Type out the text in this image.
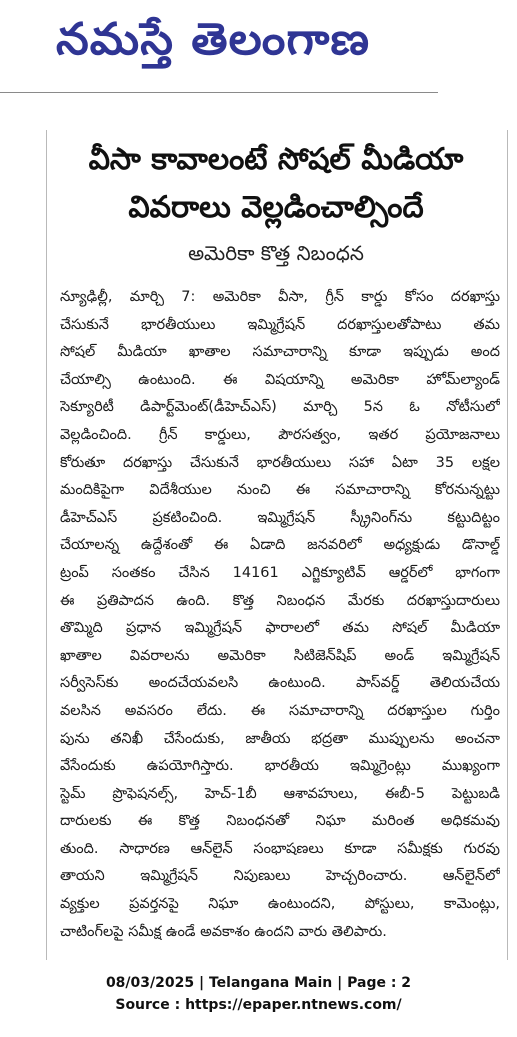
నమస్తే తెలంగాణ
వీసా కావాలంటే సోషల్ మీడియా
వివరాలు వెల్లడించాల్సిందే
అమెరికా కొత్త నిబంధన
న్యూఢిల్లీ, మార్చి 7: అమెరికా వీసా, గ్రీన్ కార్డు కోసం దరఖాస్తు
చేసుకునే భారతీయులు ఇమ్మిగ్రేషన్ దరఖాస్తులతోపాటు తమ
సోషల్ మీడియా ఖాతాల సమాచారాన్ని కూడా ఇప్పుడు అంద
చేయాల్సి ఉంటుంది. ఈ విషయాన్ని అమెరికా హోమ్‌ల్యాండ్
సెక్యూరిటీ డిపార్ట్‌మెంట్(డీహెచ్‌ఎస్) మార్చి 5న ఓ నోటీసులో
వెల్లడించింది. గ్రీన్ కార్డులు, పౌరసత్వం, ఇతర ప్రయోజనాలు
కోరుతూ దరఖాస్తు చేసుకునే భారతీయులు సహా ఏటా 35 లక్షల
మందికిపైగా విదేశీయుల నుంచి ఈ సమాచారాన్ని కోరనున్నట్టు
డీహెచ్‌ఎస్ ప్రకటించింది. ఇమ్మిగ్రేషన్ స్క్రీనింగ్‌ను కట్టుదిట్టం
చేయాలన్న ఉద్దేశంతో ఈ ఏడాది జనవరిలో అధ్యక్షుడు డొనాల్డ్
ట్రంప్ సంతకం చేసిన 14161 ఎగ్జిక్యూటివ్ ఆర్డర్‌లో భాగంగా
ఈ ప్రతిపాదన ఉంది. కొత్త నిబంధన మేరకు దరఖాస్తుదారులు
తొమ్మిది ప్రధాన ఇమ్మిగ్రేషన్ ఫారాలలో తమ సోషల్ మీడియా
ఖాతాల వివరాలను అమెరికా సిటిజెన్‌షిప్ అండ్ ఇమ్మిగ్రేషన్
సర్వీసెస్‌కు అందచేయవలసి ఉంటుంది. పాస్‌వర్డ్ తెలియచేయ
వలసిన అవసరం లేదు. ఈ సమాచారాన్ని దరఖాస్తుల గుర్తిం
పును తనిఖీ చేసేందుకు, జాతీయ భద్రతా ముప్పులను అంచనా
వేసేందుకు ఉపయోగిస్తారు. భారతీయ ఇమ్మిగ్రెంట్లు ముఖ్యంగా
స్టెమ్ ప్రొఫెషనల్స్, హెచ్-1బీ ఆశావహులు, ఈబీ-5 పెట్టుబడి
దారులకు ఈ కొత్త నిబంధనతో నిఘా మరింత అధికమవు
తుంది. సాధారణ ఆన్‌లైన్ సంభాషణలు కూడా సమీక్షకు గురవు
తాయని ఇమ్మిగ్రేషన్ నిపుణులు హెచ్చరించారు. ఆన్‌లైన్‌లో
వ్యక్తుల ప్రవర్తనపై నిఘా ఉంటుందని, పోస్టులు, కామెంట్లు,
చాటింగ్‌లపై సమీక్ష ఉండే అవకాశం ఉందని వారు తెలిపారు.
08/03/2025 | Telangana Main | Page : 2
Source : https://epaper.ntnews.com/
